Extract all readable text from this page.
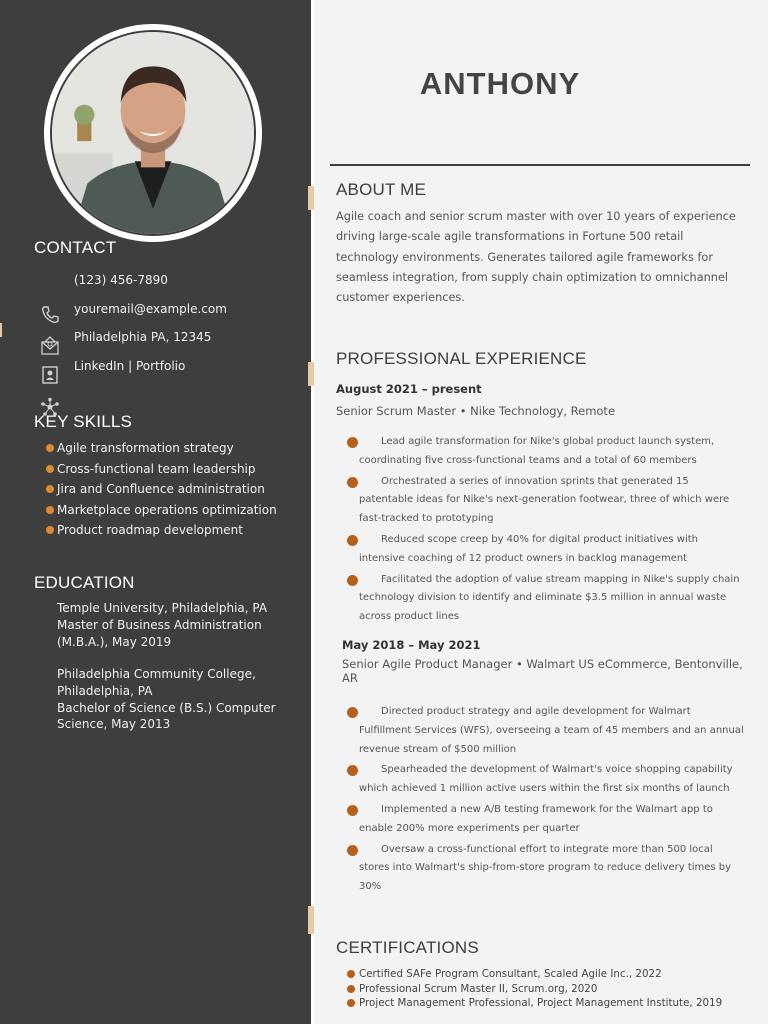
CONTACT
(123) 456-7890
youremail@example.com
Philadelphia PA, 12345
LinkedIn | Portfolio
KEY SKILLS
Agile transformation strategy
Cross-functional team leadership
Jira and Confluence administration
Marketplace operations optimization
Product roadmap development
EDUCATION
Temple University, Philadelphia, PA
Master of Business Administration (M.B.A.), May 2019
Philadelphia Community College, Philadelphia, PA
Bachelor of Science (B.S.) Computer Science, May 2013
ANTHONY
ABOUT ME
Agile coach and senior scrum master with over 10 years of experience driving large-scale agile transformations in Fortune 500 retail technology environments. Generates tailored agile frameworks for seamless integration, from supply chain optimization to omnichannel customer experiences.
PROFESSIONAL EXPERIENCE
August 2021 – present
Senior Scrum Master • Nike Technology, Remote
Lead agile transformation for Nike's global product launch system, coordinating five cross-functional teams and a total of 60 members
Orchestrated a series of innovation sprints that generated 15 patentable ideas for Nike's next-generation footwear, three of which were fast-tracked to prototyping
Reduced scope creep by 40% for digital product initiatives with intensive coaching of 12 product owners in backlog management
Facilitated the adoption of value stream mapping in Nike's supply chain technology division to identify and eliminate $3.5 million in annual waste across product lines
May 2018 – May 2021
Senior Agile Product Manager • Walmart US eCommerce, Bentonville, AR
Directed product strategy and agile development for Walmart Fulfillment Services (WFS), overseeing a team of 45 members and an annual revenue stream of $500 million
Spearheaded the development of Walmart's voice shopping capability which achieved 1 million active users within the first six months of launch
Implemented a new A/B testing framework for the Walmart app to enable 200% more experiments per quarter
Oversaw a cross-functional effort to integrate more than 500 local stores into Walmart's ship-from-store program to reduce delivery times by 30%
CERTIFICATIONS
Certified SAFe Program Consultant, Scaled Agile Inc., 2022
Professional Scrum Master II, Scrum.org, 2020
Project Management Professional, Project Management Institute, 2019
